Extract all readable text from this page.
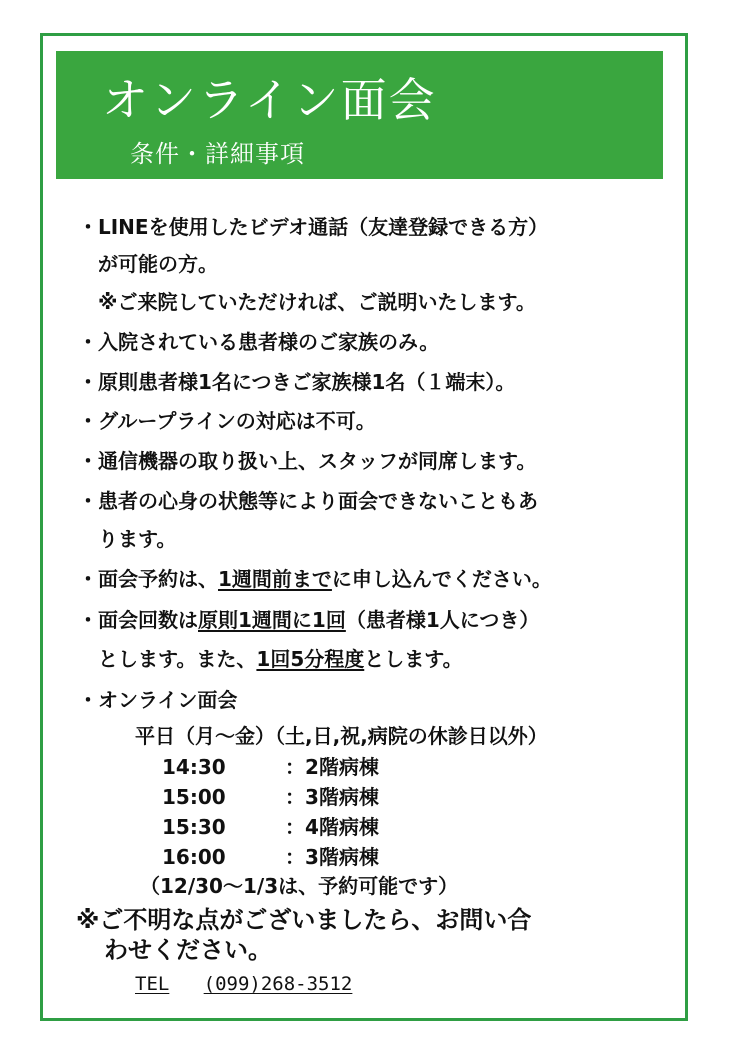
オンライン面会
条件・詳細事項
・LINEを使用したビデオ通話（友達登録できる方）
が可能の方。
※ご来院していただければ、ご説明いたします。
・入院されている患者様のご家族のみ。
・原則患者様1名につきご家族様1名（１端末）。
・グループラインの対応は不可。
・通信機器の取り扱い上、スタッフが同席します。
・患者の心身の状態等により面会できないこともあ
ります。
・面会予約は、1週間前までに申し込んでください。
・面会回数は原則1週間に1回（患者様1人につき）
とします。また、1回5分程度とします。
・オンライン面会
平日（月～金）（土,日,祝,病院の休診日以外）
14:30	：2階病棟
15:00	：3階病棟
15:30	：4階病棟
16:00	：3階病棟
（12/30～1/3は、予約可能です）
※ご不明な点がございましたら、お問い合
わせください。
TEL (099)268-3512
